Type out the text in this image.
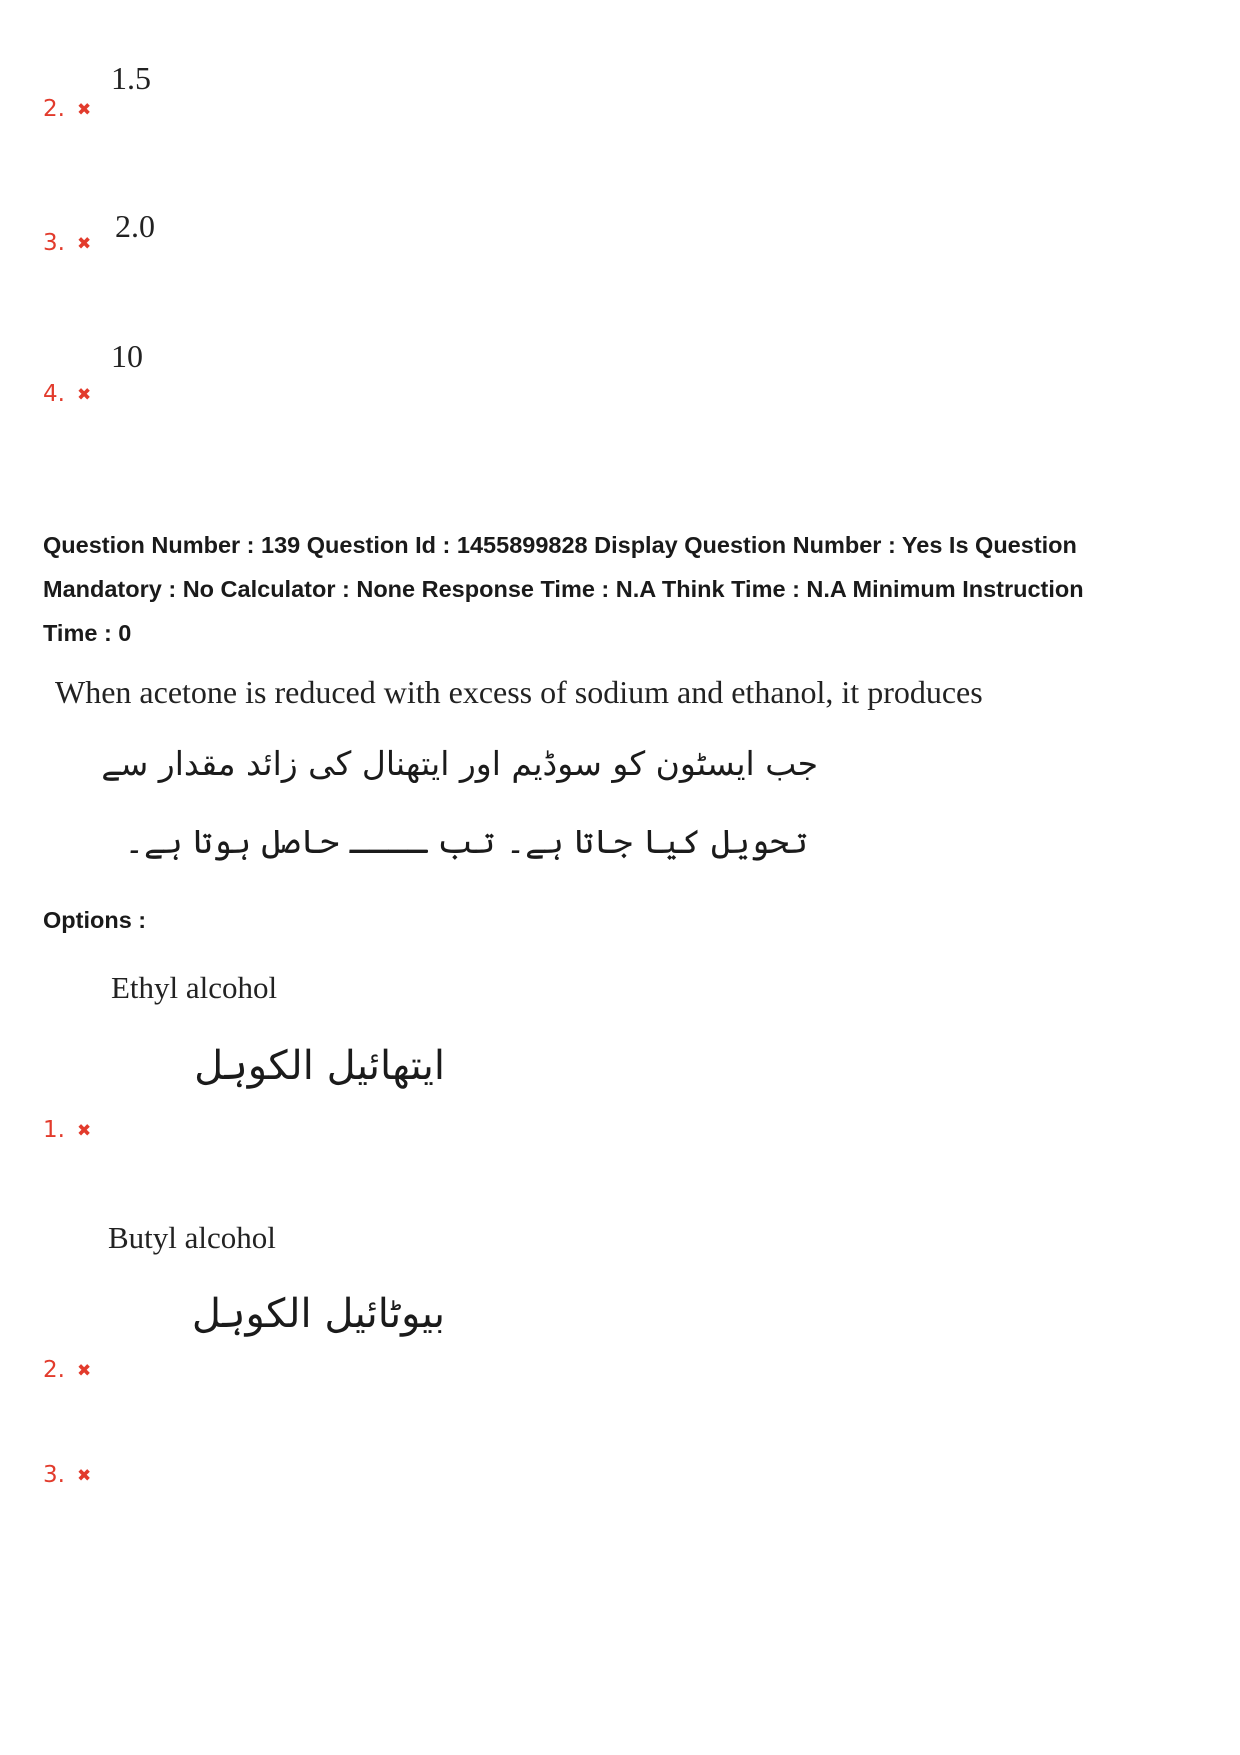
1.5
2. ✖
2.0
3. ✖
10
4. ✖
Question Number : 139 Question Id : 1455899828 Display Question Number : Yes Is Question
Mandatory : No Calculator : None Response Time : N.A Think Time : N.A Minimum Instruction
Time : 0
When acetone is reduced with excess of sodium and ethanol, it produces
جب ایسٹون کو سوڈیم اور ایتھنال کی زائد مقدار سے
تحویل کیا جاتا ہے۔ تب ــــ حاصل ہوتا ہے۔
Options :
Ethyl alcohol
ایتھائیل الکوہل
1. ✖
Butyl alcohol
بیوٹائیل الکوہل
2. ✖
3. ✖
